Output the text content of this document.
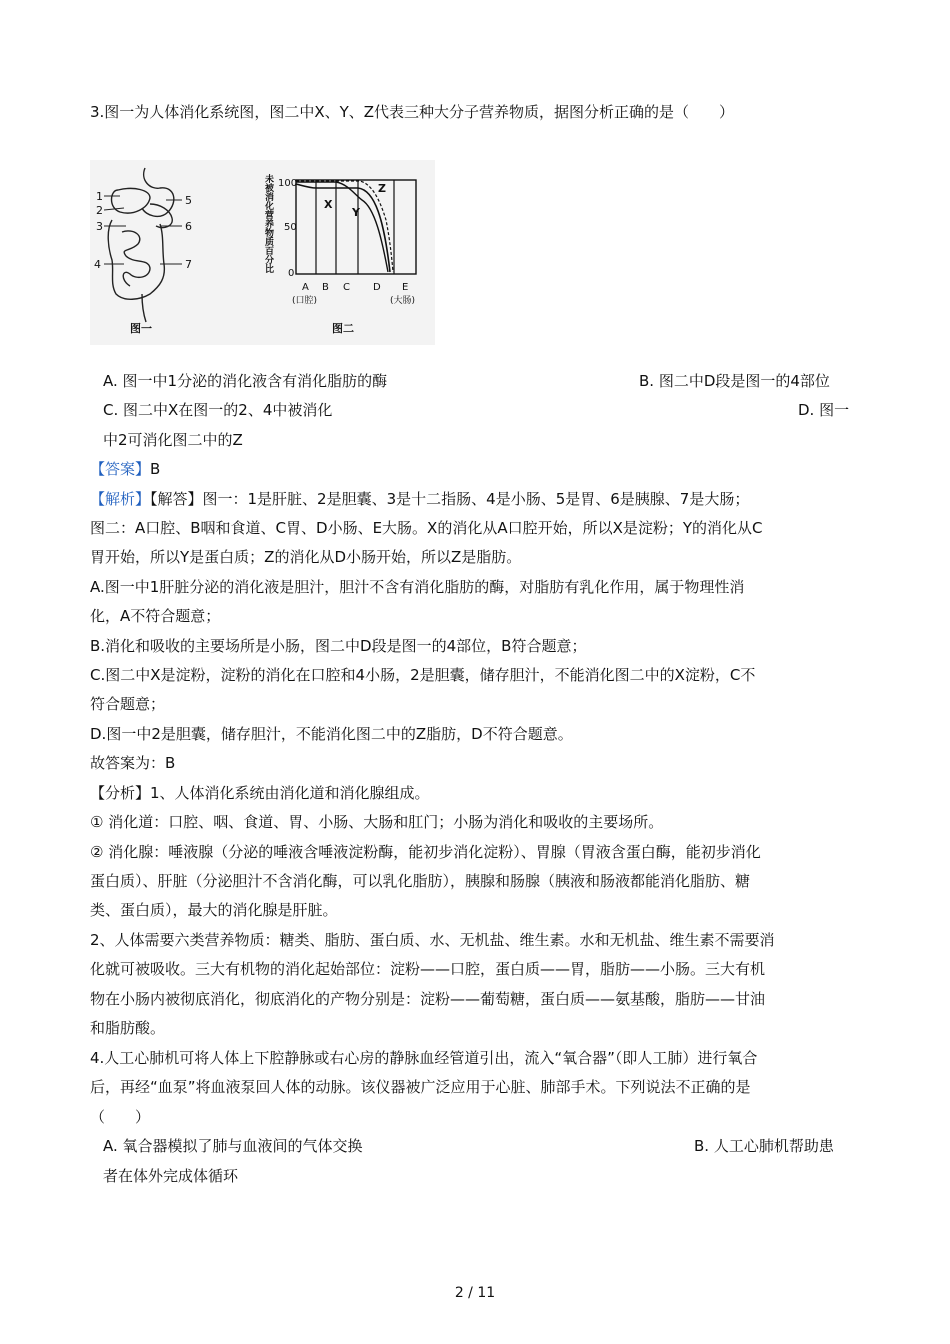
3.图一为人体消化系统图，图二中X、Y、Z代表三种大分子营养物质，据图分析正确的是（　　）
1
2
3
4
5
6
7
图一
未被消化营养物质百分比 100
50
0
X
Y
Z
A B C D E
(口腔)	(大肠)
图二
A. 图一中1分泌的消化液含有消化脂肪的酶	B. 图二中D段是图一的4部位
C. 图二中X在图一的2、4中被消化	D. 图一
中2可消化图二中的Z
【答案】B
【解析】【解答】图一：1是肝脏、2是胆囊、3是十二指肠、4是小肠、5是胃、6是胰腺、7是大肠；
图二：A口腔、B咽和食道、C胃、D小肠、E大肠。X的消化从A口腔开始，所以X是淀粉；Y的消化从C
胃开始，所以Y是蛋白质；Z的消化从D小肠开始，所以Z是脂肪。
A.图一中1肝脏分泌的消化液是胆汁，胆汁不含有消化脂肪的酶，对脂肪有乳化作用，属于物理性消
化，A不符合题意；
B.消化和吸收的主要场所是小肠，图二中D段是图一的4部位，B符合题意；
C.图二中X是淀粉，淀粉的消化在口腔和4小肠，2是胆囊，储存胆汁，不能消化图二中的X淀粉，C不
符合题意；
D.图一中2是胆囊，储存胆汁，不能消化图二中的Z脂肪，D不符合题意。
故答案为：B
【分析】1、人体消化系统由消化道和消化腺组成。
① 消化道：口腔、咽、食道、胃、小肠、大肠和肛门；小肠为消化和吸收的主要场所。
② 消化腺：唾液腺（分泌的唾液含唾液淀粉酶，能初步消化淀粉）、胃腺（胃液含蛋白酶，能初步消化
蛋白质）、肝脏（分泌胆汁不含消化酶，可以乳化脂肪），胰腺和肠腺（胰液和肠液都能消化脂肪、糖
类、蛋白质），最大的消化腺是肝脏。
2、人体需要六类营养物质：糖类、脂肪、蛋白质、水、无机盐、维生素。水和无机盐、维生素不需要消
化就可被吸收。三大有机物的消化起始部位：淀粉——口腔，蛋白质——胃，脂肪——小肠。三大有机
物在小肠内被彻底消化，彻底消化的产物分别是：淀粉——葡萄糖，蛋白质——氨基酸，脂肪——甘油
和脂肪酸。
4.人工心肺机可将人体上下腔静脉或右心房的静脉血经管道引出，流入“氧合器”（即人工肺）进行氧合
后，再经“血泵”将血液泵回人体的动脉。该仪器被广泛应用于心脏、肺部手术。下列说法不正确的是
（　　）
A. 氧合器模拟了肺与血液间的气体交换	B. 人工心肺机帮助患
者在体外完成体循环
2 / 11
